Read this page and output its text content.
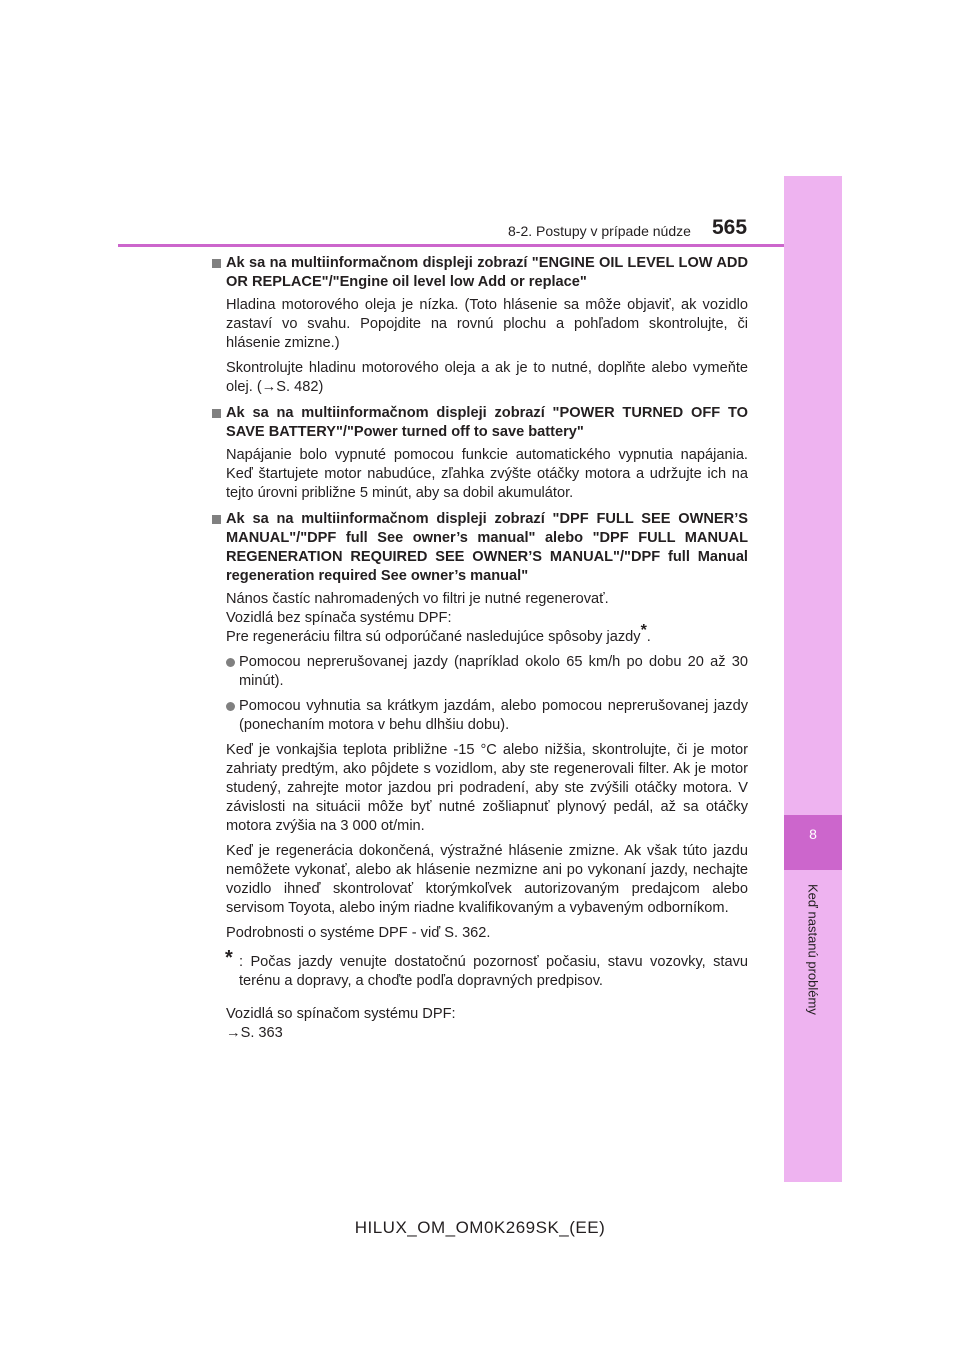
8
Keď nastanú problémy
8-2. Postupy v prípade núdze 565
Ak sa na multiinformačnom displeji zobrazí "ENGINE OIL LEVEL LOW ADD OR REPLACE"/"Engine oil level low Add or replace"
Hladina motorového oleja je nízka. (Toto hlásenie sa môže objaviť, ak vozidlo zastaví vo svahu. Popojdite na rovnú plochu a pohľadom skontrolujte, či hlásenie zmizne.)
Skontrolujte hladinu motorového oleja a ak je to nutné, doplňte alebo vymeňte olej. (→S. 482)
Ak sa na multiinformačnom displeji zobrazí "POWER TURNED OFF TO SAVE BATTERY"/"Power turned off to save battery"
Napájanie bolo vypnuté pomocou funkcie automatického vypnutia napájania. Keď štartujete motor nabudúce, zľahka zvýšte otáčky motora a udržujte ich na tejto úrovni približne 5 minút, aby sa dobil akumulátor.
Ak sa na multiinformačnom displeji zobrazí "DPF FULL SEE OWNER’S MANUAL"/"DPF full See owner’s manual" alebo "DPF FULL MANUAL REGENERATION REQUIRED SEE OWNER’S MANUAL"/"DPF full Manual regeneration required See owner’s manual"
Nános častíc nahromadených vo filtri je nutné regenerovať.
Vozidlá bez spínača systému DPF:
Pre regeneráciu filtra sú odporúčané nasledujúce spôsoby jazdy*.
Pomocou neprerušovanej jazdy (napríklad okolo 65 km/h po dobu 20 až 30 minút).
Pomocou vyhnutia sa krátkym jazdám, alebo pomocou neprerušovanej jazdy (ponechaním motora v behu dlhšiu dobu).
Keď je vonkajšia teplota približne -15 °C alebo nižšia, skontrolujte, či je motor zahriaty predtým, ako pôjdete s vozidlom, aby ste regenerovali filter. Ak je motor studený, zahrejte motor jazdou pri podradení, aby ste zvýšili otáčky motora. V závislosti na situácii môže byť nutné zošliapnuť plynový pedál, až sa otáčky motora zvýšia na 3 000 ot/min.
Keď je regenerácia dokončená, výstražné hlásenie zmizne. Ak však túto jazdu nemôžete vykonať, alebo ak hlásenie nezmizne ani po vykonaní jazdy, nechajte vozidlo ihneď skontrolovať ktorýmkoľvek autorizovaným predajcom alebo servisom Toyota, alebo iným riadne kvalifikovaným a vybaveným odborníkom.
Podrobnosti o systéme DPF - viď S. 362.
* : Počas jazdy venujte dostatočnú pozornosť počasiu, stavu vozovky, stavu terénu a dopravy, a choďte podľa dopravných predpisov.
Vozidlá so spínačom systému DPF:
→S. 363
HILUX_OM_OM0K269SK_(EE)
